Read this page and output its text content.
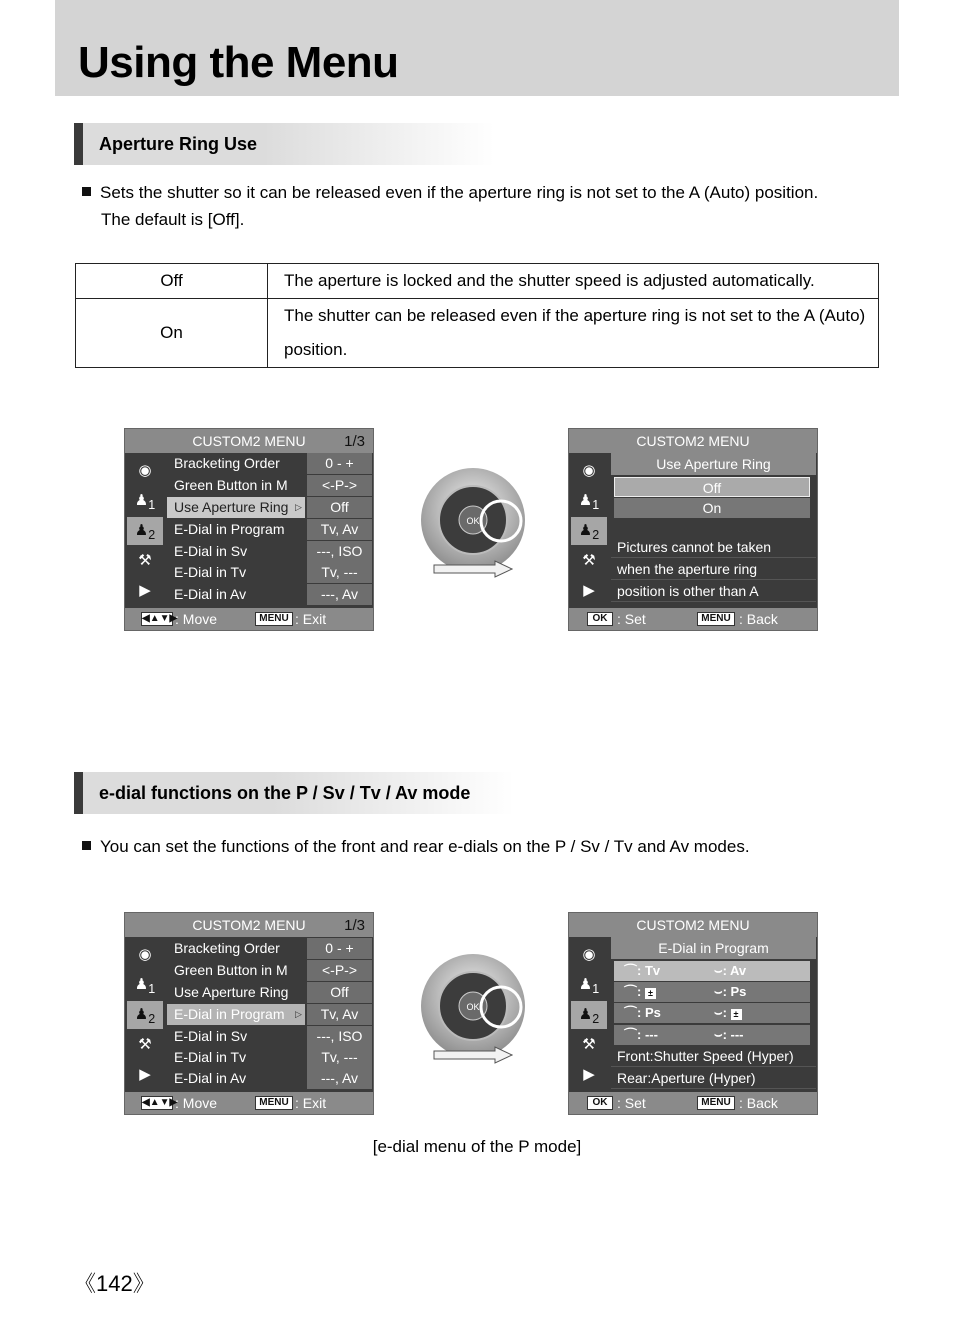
Using the Menu
Aperture Ring Use
Sets the shutter so it can be released even if the aperture ring is not set to the A (Auto) position.
The default is [Off].
Off	The aperture is locked and the shutter speed is adjusted automatically.
On	The shutter can be released even if the aperture ring is not set to the A (Auto)
position.
CUSTOM2 MENU	1/3
◉
$♟_1$
$♟_2$
⚒
▶
Bracketing Order	0 - +
Green Button in M	<-P->
Use Aperture Ring ▷	Off
E-Dial in Program	Tv, Av
E-Dial in Sv	---, ISO
E-Dial in Tv	Tv, ---
E-Dial in Av	---, Av
◀▲▼▶
: Move	MENU : Exit
OK
CUSTOM2 MENU
◉
$♟_1$
$♟_2$
⚒
▶
Use Aperture Ring
Off
On
Pictures cannot be taken
when the aperture ring
position is other than A
OK : Set	MENU : Back
e-dial functions on the P / Sv / Tv / Av mode
You can set the functions of the front and rear e-dials on the P / Sv / Tv and Av modes.
CUSTOM2 MENU	1/3
◉
$♟_1$
$♟_2$
⚒
▶
Bracketing Order	0 - +
Green Button in M	<-P->
Use Aperture Ring	Off
E-Dial in Program	▷	Tv, Av
E-Dial in Sv	---, ISO
E-Dial in Tv	Tv, ---
E-Dial in Av	---, Av
◀▲▼▶
: Move	MENU : Exit
OK
CUSTOM2 MENU
◉
$♟_1$
$♟_2$
⚒
▶
E-Dial in Program
⌒: Tv	⌣: Av
⌒: ±	⌣: Ps
⌒: Ps	⌣: ±
⌒: ---	⌣: ---
Front:Shutter Speed (Hyper)
Rear:Aperture (Hyper)
OK : Set	MENU : Back
[e-dial menu of the P mode]
《142》
